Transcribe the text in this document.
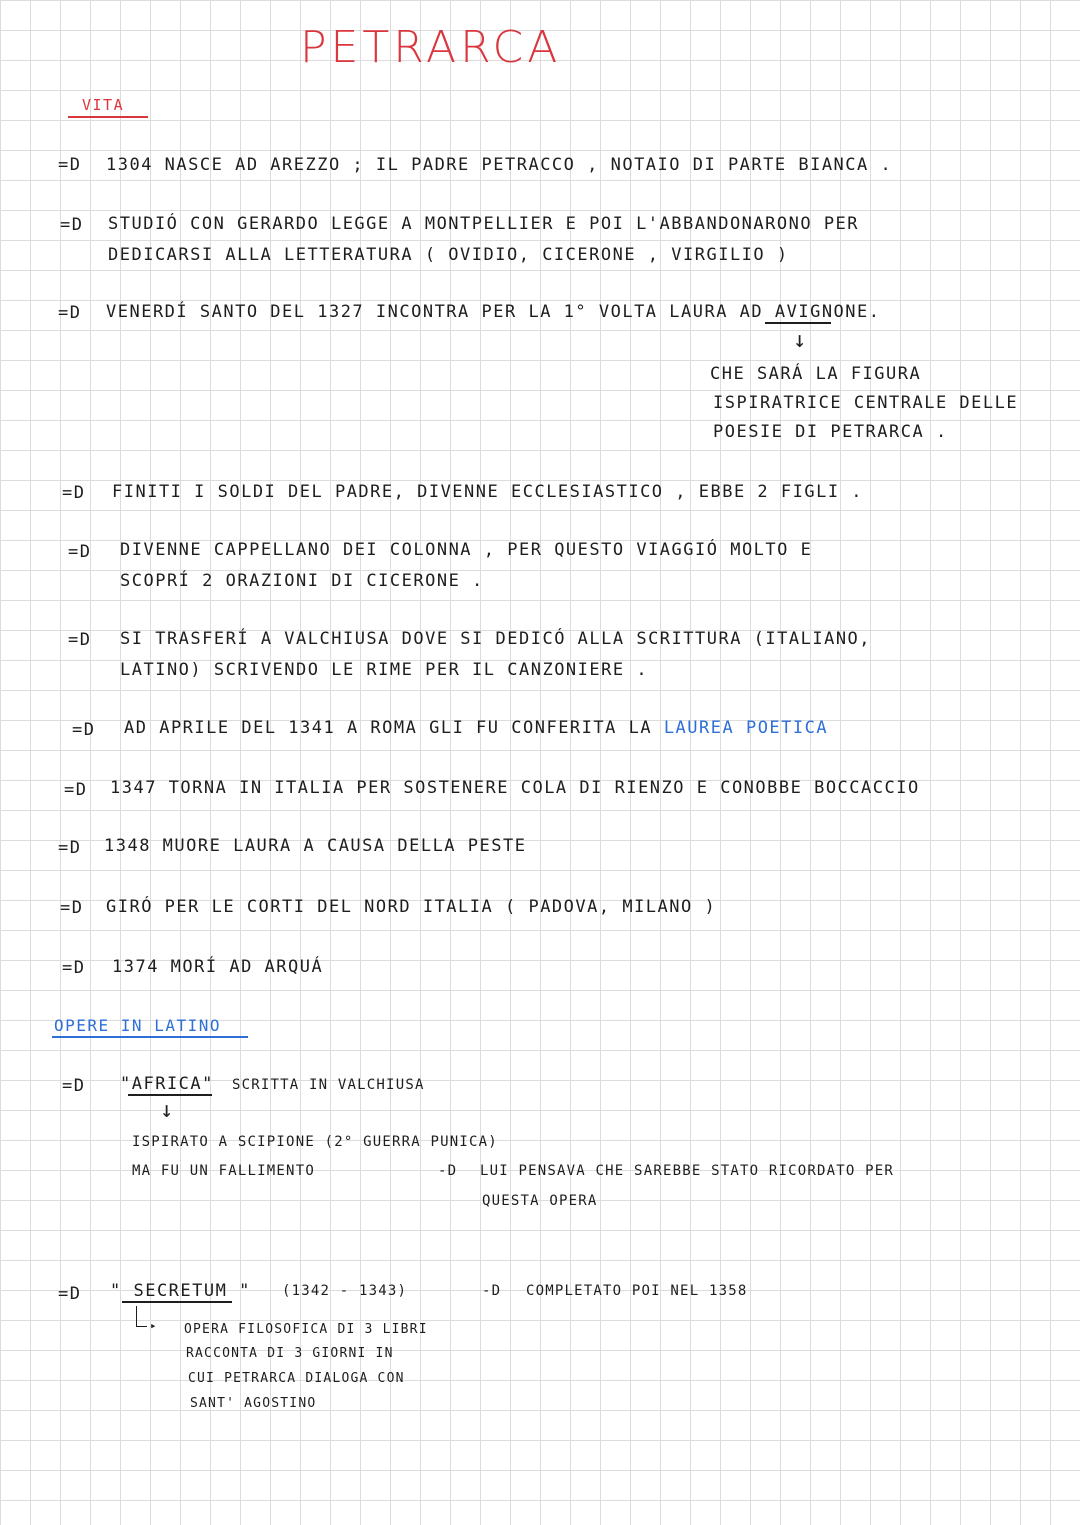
PETRARCA
VITA
=D 1304 NASCE AD AREZZO ; IL PADRE PETRACCO , NOTAIO DI PARTE BIANCA .
=D STUDIÓ CON GERARDO LEGGE A MONTPELLIER E POI L'ABBANDONARONO PER
DEDICARSI ALLA LETTERATURA ( OVIDIO, CICERONE , VIRGILIO )
=D VENERDÍ SANTO DEL 1327 INCONTRA PER LA 1° VOLTA LAURA AD AVIGNONE.
↓
CHE SARÁ LA FIGURA
ISPIRATRICE CENTRALE DELLE
POESIE DI PETRARCA .
=D FINITI I SOLDI DEL PADRE, DIVENNE ECCLESIASTICO , EBBE 2 FIGLI .
=D DIVENNE CAPPELLANO DEI COLONNA , PER QUESTO VIAGGIÓ MOLTO E
SCOPRÍ 2 ORAZIONI DI CICERONE .
=D SI TRASFERÍ A VALCHIUSA DOVE SI DEDICÓ ALLA SCRITTURA (ITALIANO,
LATINO) SCRIVENDO LE RIME PER IL CANZONIERE .
=D AD APRILE DEL 1341 A ROMA GLI FU CONFERITA LA LAUREA POETICA
=D 1347 TORNA IN ITALIA PER SOSTENERE COLA DI RIENZO E CONOBBE BOCCACCIO
=D 1348 MUORE LAURA A CAUSA DELLA PESTE
=D GIRÓ PER LE CORTI DEL NORD ITALIA ( PADOVA, MILANO )
=D 1374 MORÍ AD ARQUÁ
OPERE IN LATINO
=D "AFRICA" SCRITTA IN VALCHIUSA
↓
ISPIRATO A SCIPIONE (2° GUERRA PUNICA)
MA FU UN FALLIMENTO	-D LUI PENSAVA CHE SAREBBE STATO RICORDATO PER
QUESTA OPERA
=D " SECRETUM " (1342 - 1343)	-D COMPLETATO POI NEL 1358
▸ OPERA FILOSOFICA DI 3 LIBRI
RACCONTA DI 3 GIORNI IN
CUI PETRARCA DIALOGA CON
SANT' AGOSTINO
